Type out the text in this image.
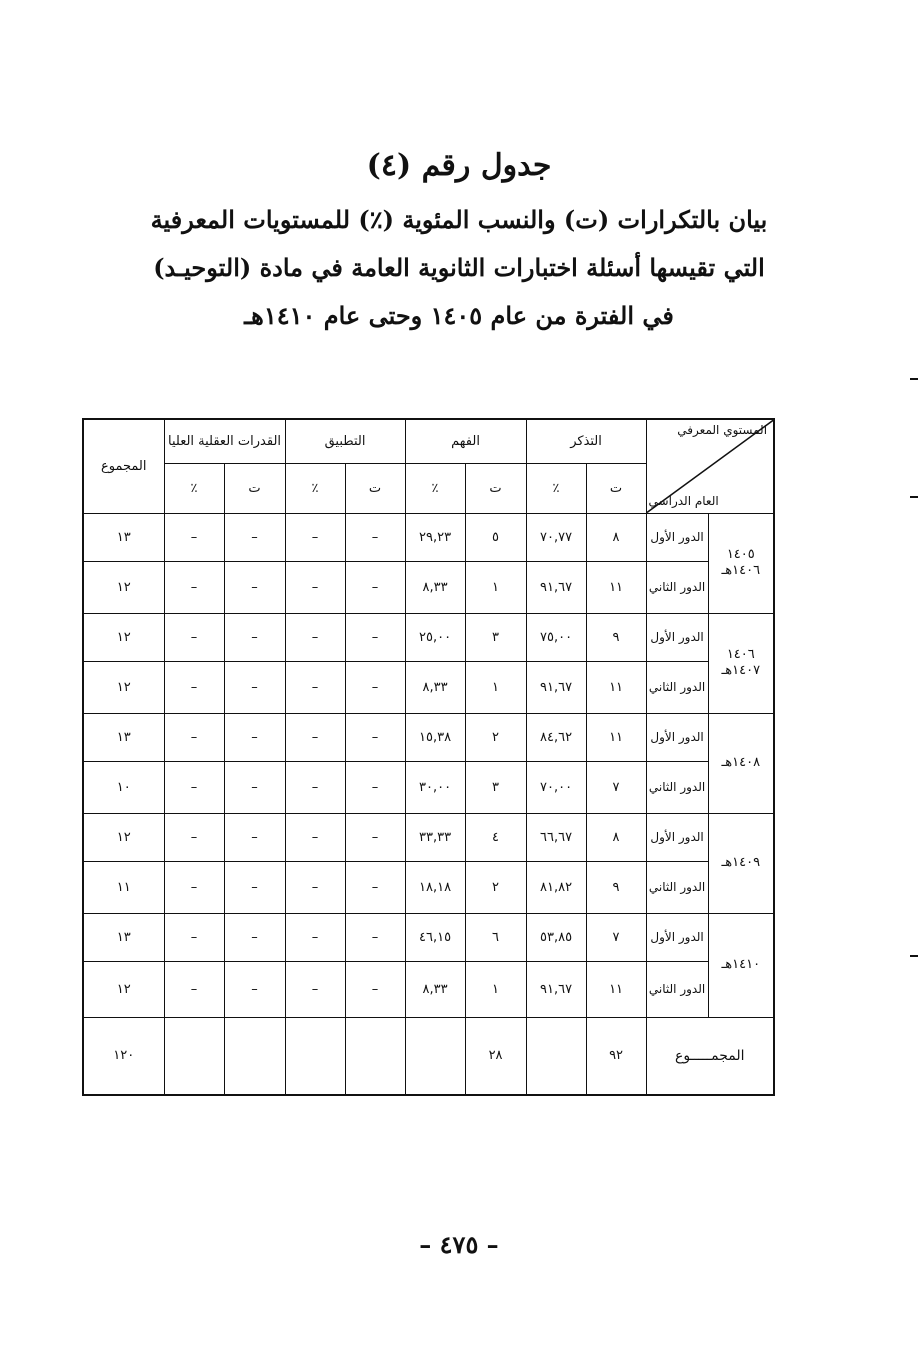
جدول رقم (٤)
بيان بالتكرارات (ت) والنسب المئوية (٪) للمستويات المعرفية
التي تقيسها أسئلة اختبارات الثانوية العامة في مادة (التوحيـد)
في الفترة من عام ١٤٠٥ وحتى عام ١٤١٠هـ
المستوي المعرفي
العام الدراسي		التذكر		الفهم		التطبيق		القدرات العقلية العليا		المجموع
		ت	٪	ت	٪	ت	٪	ت	٪	
١٤٠٥ ١٤٠٦هـ	الدور الأول	٨	٧٠,٧٧	٥	٢٩,٢٣	–	–	–	–	١٣
	الدور الثاني	١١	٩١,٦٧	١	٨,٣٣	–	–	–	–	١٢
١٤٠٦ ١٤٠٧هـ	الدور الأول	٩	٧٥,٠٠	٣	٢٥,٠٠	–	–	–	–	١٢
	الدور الثاني	١١	٩١,٦٧	١	٨,٣٣	–	–	–	–	١٢
١٤٠٨هـ	الدور الأول	١١	٨٤,٦٢	٢	١٥,٣٨	–	–	–	–	١٣
	الدور الثاني	٧	٧٠,٠٠	٣	٣٠,٠٠	–	–	–	–	١٠
١٤٠٩هـ	الدور الأول	٨	٦٦,٦٧	٤	٣٣,٣٣	–	–	–	–	١٢
	الدور الثاني	٩	٨١,٨٢	٢	١٨,١٨	–	–	–	–	١١
١٤١٠هـ	الدور الأول	٧	٥٣,٨٥	٦	٤٦,١٥	–	–	–	–	١٣
	الدور الثاني	١١	٩١,٦٧	١	٨,٣٣	–	–	–	–	١٢
المجمـــــوع		٩٢		٢٨						١٢٠
– ٤٧٥ –
